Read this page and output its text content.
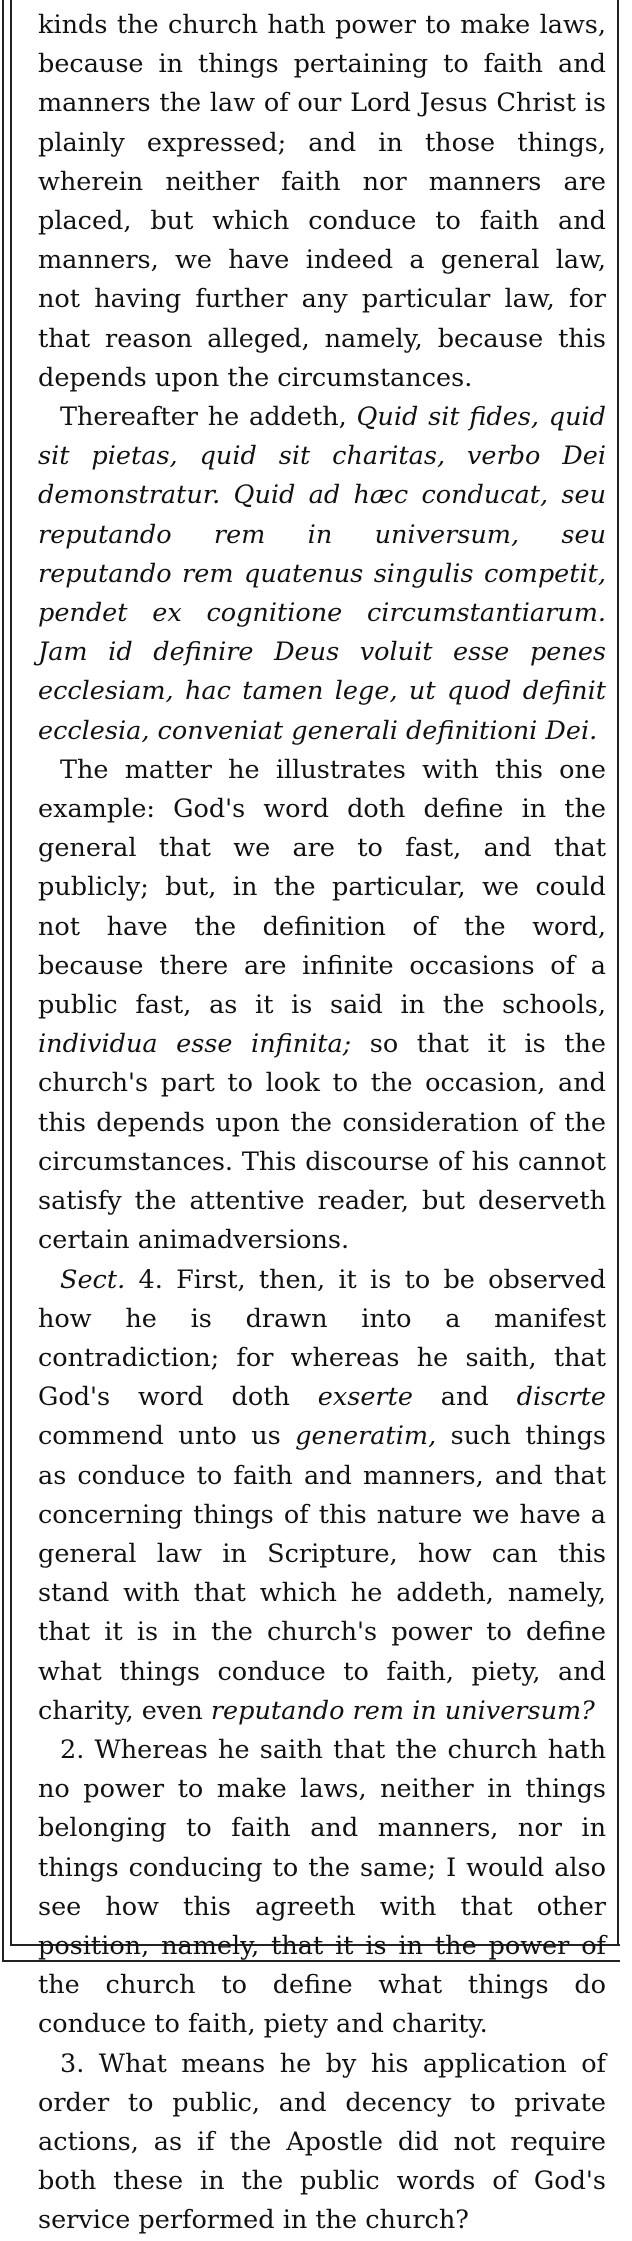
kinds the church hath power to make laws, because in things pertaining to faith and manners the law of our Lord Jesus Christ is plainly expressed; and in those things, wherein neither faith nor manners are placed, but which conduce to faith and manners, we have indeed a general law, not having further any particular law, for that reason alleged, namely, because this depends upon the circumstances.

Thereafter he addeth, Quid sit fides, quid sit pietas, quid sit charitas, verbo Dei demonstratur. Quid ad hæc conducat, seu reputando rem in universum, seu reputando rem quatenus singulis competit, pendet ex cognitione circumstantiarum. Jam id definire Deus voluit esse penes ecclesiam, hac tamen lege, ut quod definit ecclesia, conveniat generali definitioni Dei.

The matter he illustrates with this one example: God's word doth define in the general that we are to fast, and that publicly; but, in the particular, we could not have the definition of the word, because there are infinite occasions of a public fast, as it is said in the schools, individua esse infinita; so that it is the church's part to look to the occasion, and this depends upon the consideration of the circumstances. This discourse of his cannot satisfy the attentive reader, but deserveth certain animadversions.

Sect. 4. First, then, it is to be observed how he is drawn into a manifest contradiction; for whereas he saith, that God's word doth exserte and discrte commend unto us generatim, such things as conduce to faith and manners, and that concerning things of this nature we have a general law in Scripture, how can this stand with that which he addeth, namely, that it is in the church's power to define what things conduce to faith, piety, and charity, even reputando rem in universum?

2. Whereas he saith that the church hath no power to make laws, neither in things belonging to faith and manners, nor in things conducing to the same; I would also see how this agreeth with that other position, namely, that it is in the power of the church to define what things do conduce to faith, piety and charity.

3. What means he by his application of order to public, and decency to private actions, as if the Apostle did not require both these in the public words of God's service performed in the church?
